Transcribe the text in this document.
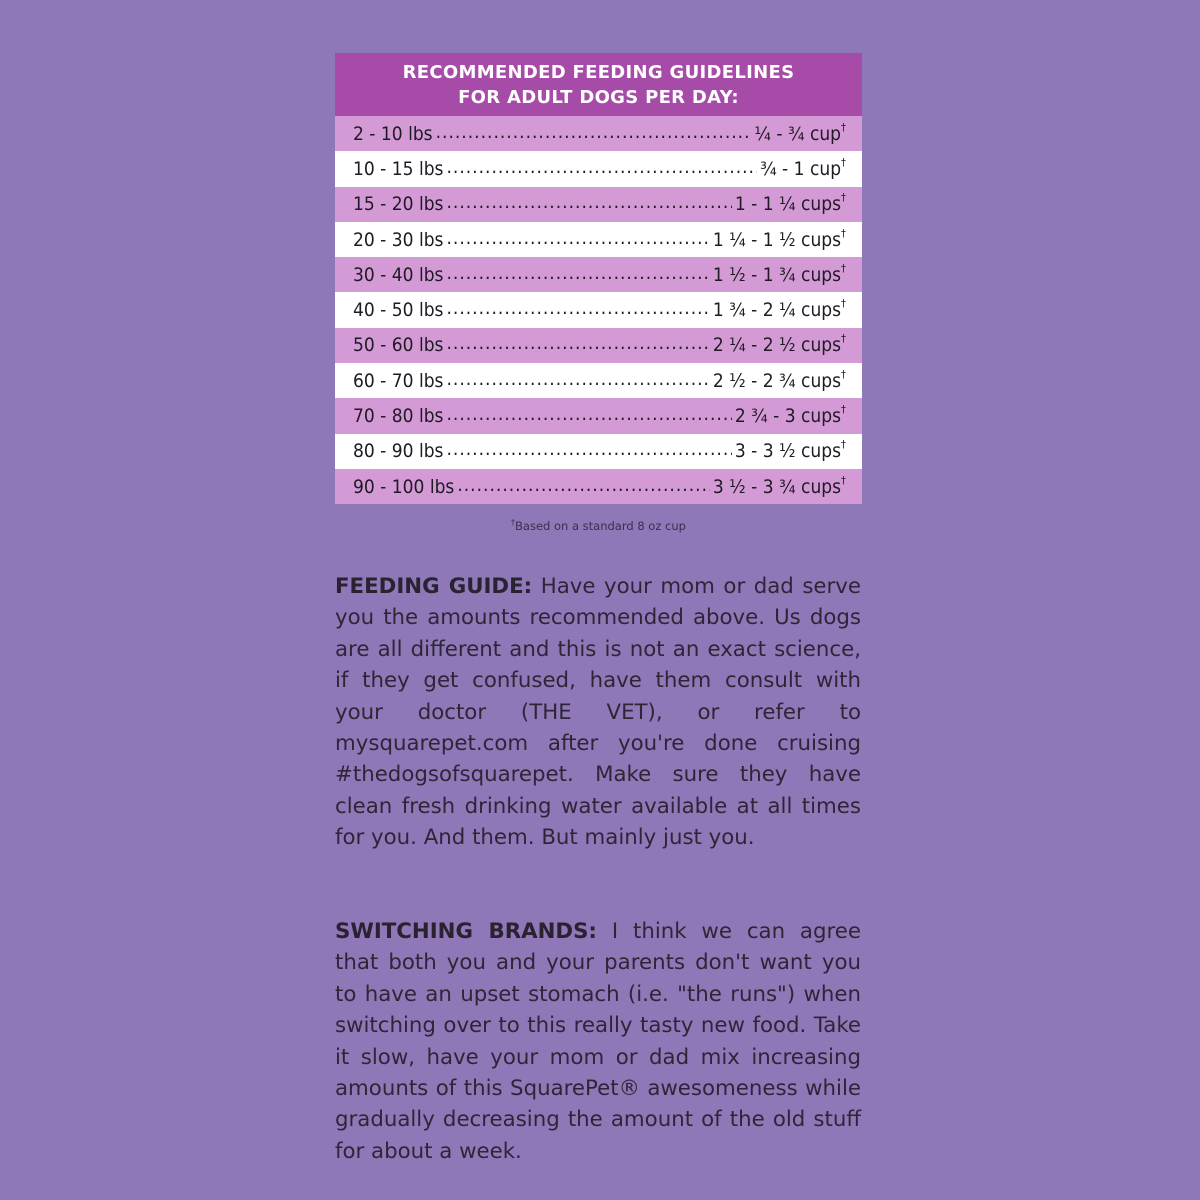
RECOMMENDED FEEDING GUIDELINES
FOR ADULT DOGS PER DAY:
2 - 10 lbs .....	¼ - ¾ cup†
10 - 15 lbs .....	¾ - 1 cup†
15 - 20 lbs .....	1 - 1 ¼ cups†
20 - 30 lbs .....	1 ¼ - 1 ½ cups†
30 - 40 lbs .....	1 ½ - 1 ¾ cups†
40 - 50 lbs .....	1 ¾ - 2 ¼ cups†
50 - 60 lbs .....	2 ¼ - 2 ½ cups†
60 - 70 lbs .....	2 ½ - 2 ¾ cups†
70 - 80 lbs .....	2 ¾ - 3 cups†
80 - 90 lbs .....	3 - 3 ½ cups†
90 - 100 lbs .....	3 ½ - 3 ¾ cups†
†Based on a standard 8 oz cup

FEEDING GUIDE: Have your mom or dad serve you the amounts recommended above. Us dogs are all different and this is not an exact science, if they get confused, have them consult with your doctor (THE VET), or refer to mysquarepet.com after you're done cruising #thedogsofsquarepet. Make sure they have clean fresh drinking water available at all times for you. And them. But mainly just you.

SWITCHING BRANDS: I think we can agree that both you and your parents don't want you to have an upset stomach (i.e. "the runs") when switching over to this really tasty new food. Take it slow, have your mom or dad mix increasing amounts of this SquarePet® awesomeness while gradually decreasing the amount of the old stuff for about a week.
